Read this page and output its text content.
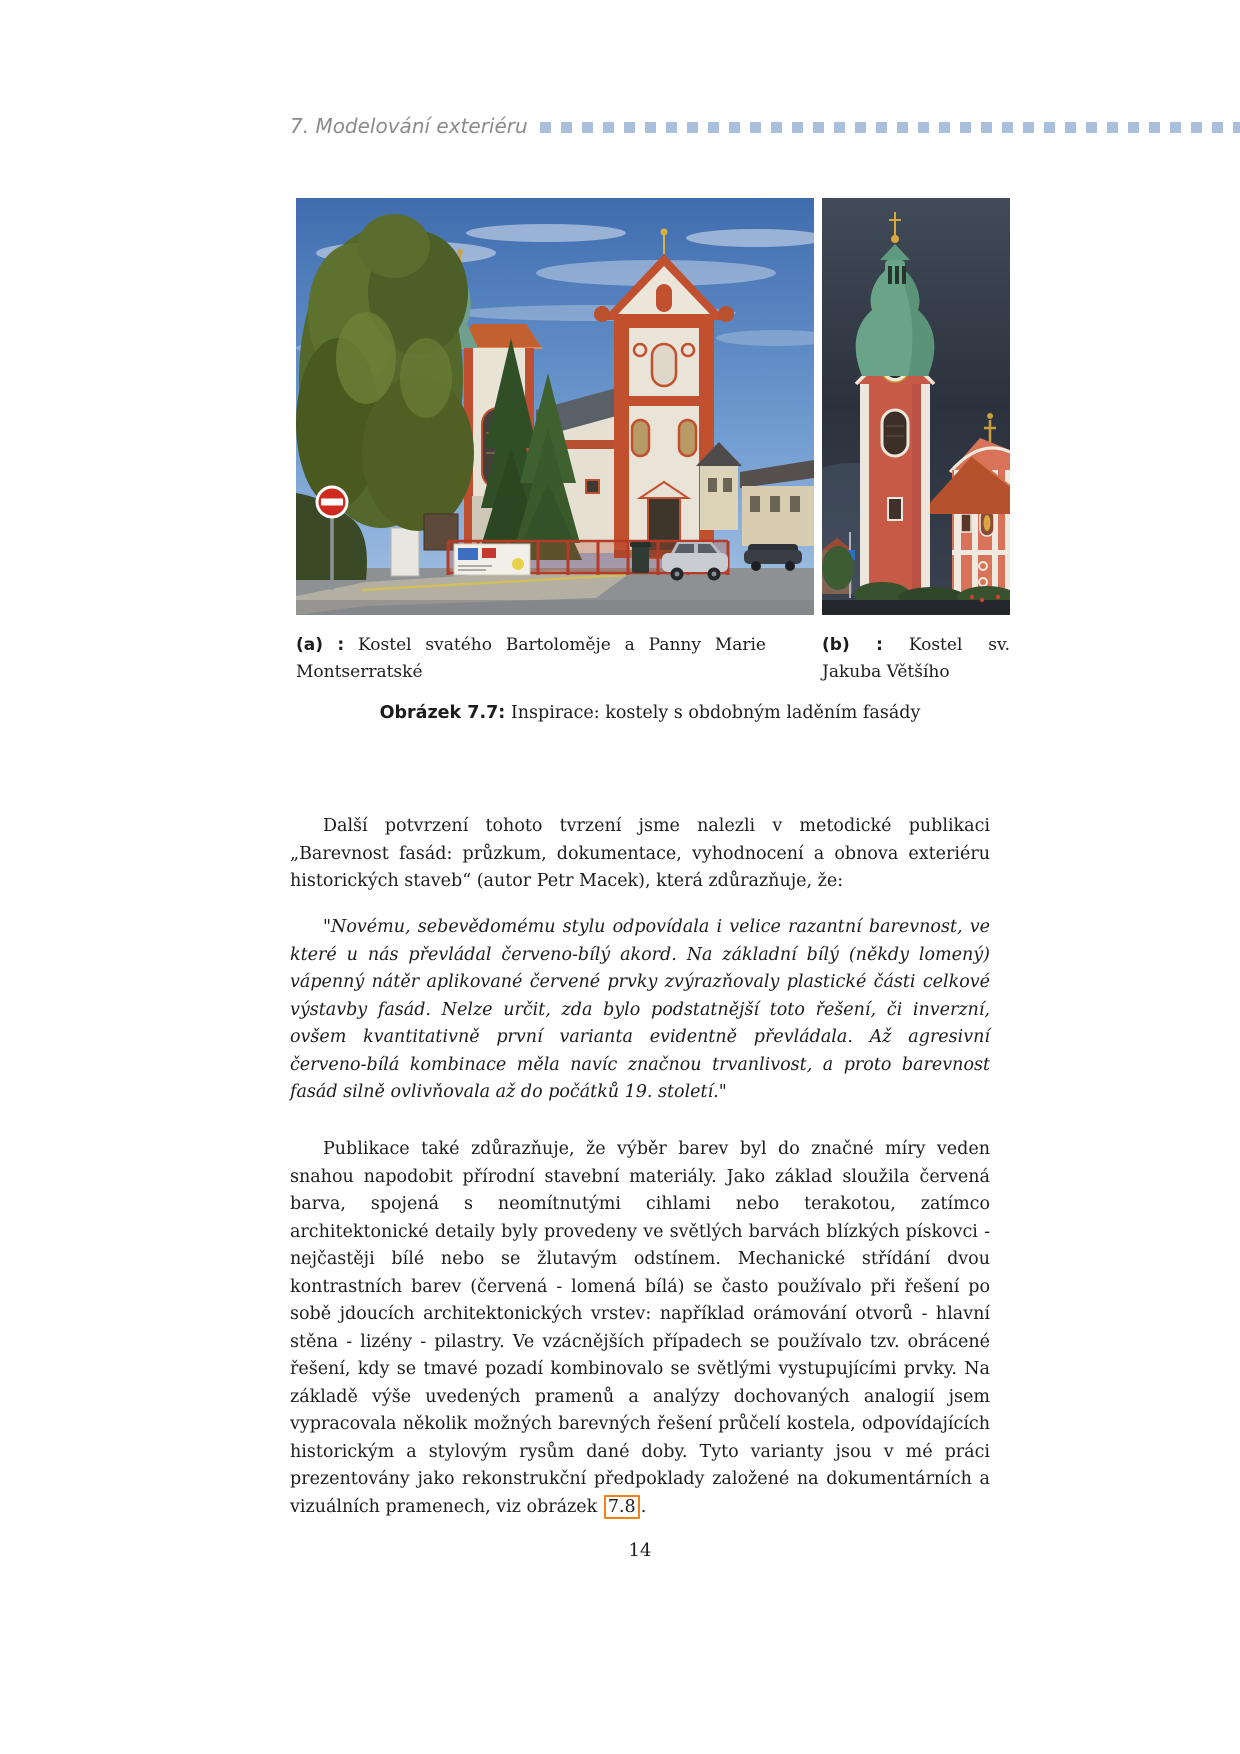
7. Modelování exteriéru
(a) : Kostel svatého Bartoloměje a Panny Marie Montserratské
(b) : Kostel sv. Jakuba Většího
Obrázek 7.7: Inspirace: kostely s obdobným laděním fasády
Další potvrzení tohoto tvrzení jsme nalezli v metodické publikaci „Barevnost fasád: průzkum, dokumentace, vyhodnocení a obnova exteriéru historických staveb“ (autor Petr Macek), která zdůrazňuje, že:
"Novému, sebevědomému stylu odpovídala i velice razantní barevnost, ve které u nás převládal červeno-bílý akord. Na základní bílý (někdy lomený) vápenný nátěr aplikované červené prvky zvýrazňovaly plastické části celkové výstavby fasád. Nelze určit, zda bylo podstatnější toto řešení, či inverzní, ovšem kvantitativně první varianta evidentně převládala. Až agresivní červeno-bílá kombinace měla navíc značnou trvanlivost, a proto barevnost fasád silně ovlivňovala až do počátků 19. století."
Publikace také zdůrazňuje, že výběr barev byl do značné míry veden snahou napodobit přírodní stavební materiály. Jako základ sloužila červená barva, spojená s neomítnutými cihlami nebo terakotou, zatímco architektonické detaily byly provedeny ve světlých barvách blízkých pískovci - nejčastěji bílé nebo se žlutavým odstínem. Mechanické střídání dvou kontrastních barev (červená - lomená bílá) se často používalo při řešení po sobě jdoucích architektonických vrstev: například orámování otvorů - hlavní stěna - lizény - pilastry. Ve vzácnějších případech se používalo tzv. obrácené řešení, kdy se tmavé pozadí kombinovalo se světlými vystupujícími prvky. Na základě výše uvedených pramenů a analýzy dochovaných analogií jsem vypracovala několik možných barevných řešení průčelí kostela, odpovídajících historickým a stylovým rysům dané doby. Tyto varianty jsou v mé práci prezentovány jako rekonstrukční předpoklady založené na dokumentárních a vizuálních pramenech, viz obrázek 7.8 .
14
